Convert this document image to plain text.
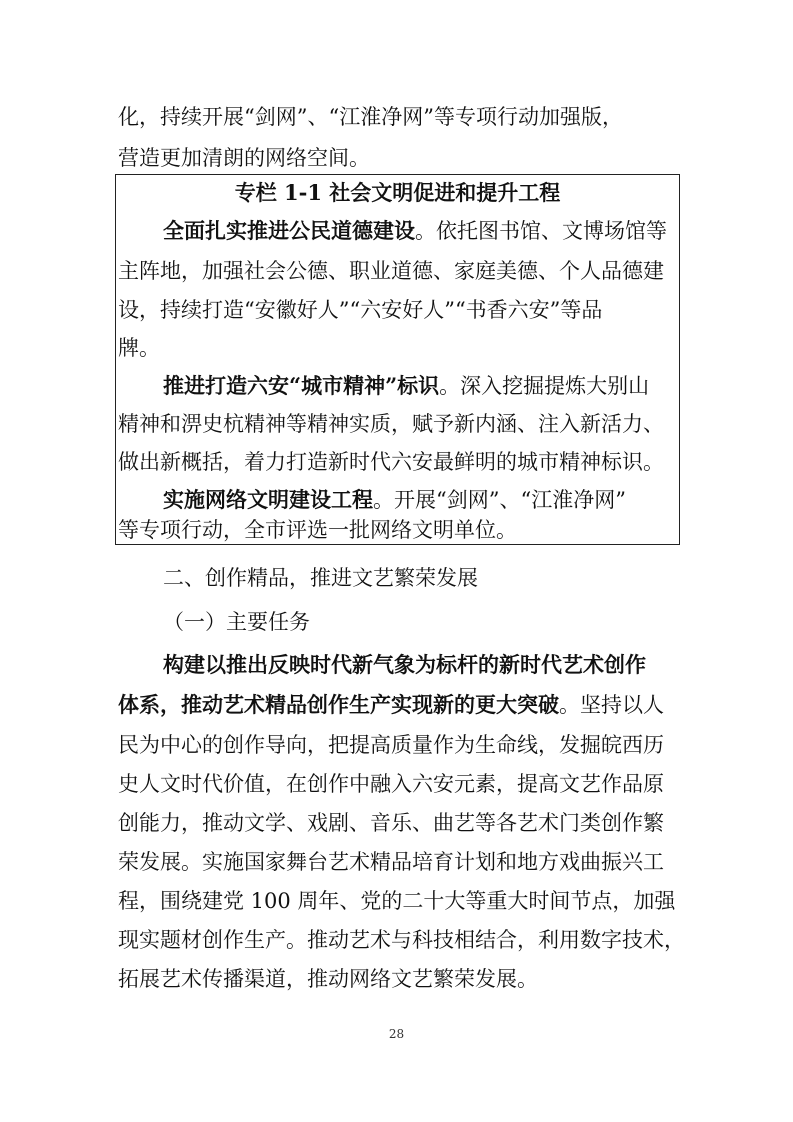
化，持续开展“剑网”、“江淮净网”等专项行动加强版，
营造更加清朗的网络空间。
专栏 1-1 社会文明促进和提升工程
全面扎实推进公民道德建设。依托图书馆、文博场馆等
主阵地，加强社会公德、职业道德、家庭美德、个人品德建
设，持续打造“安徽好人”“六安好人”“书香六安”等品
牌。
推进打造六安“城市精神”标识。深入挖掘提炼大别山
精神和淠史杭精神等精神实质，赋予新内涵、注入新活力、
做出新概括，着力打造新时代六安最鲜明的城市精神标识。
实施网络文明建设工程。开展“剑网”、“江淮净网”
等专项行动，全市评选一批网络文明单位。
二、创作精品，推进文艺繁荣发展
（一）主要任务
构建以推出反映时代新气象为标杆的新时代艺术创作
体系，推动艺术精品创作生产实现新的更大突破。坚持以人
民为中心的创作导向，把提高质量作为生命线，发掘皖西历
史人文时代价值，在创作中融入六安元素，提高文艺作品原
创能力，推动文学、戏剧、音乐、曲艺等各艺术门类创作繁
荣发展。实施国家舞台艺术精品培育计划和地方戏曲振兴工
程，围绕建党 100 周年、党的二十大等重大时间节点，加强
现实题材创作生产。推动艺术与科技相结合，利用数字技术，
拓展艺术传播渠道，推动网络文艺繁荣发展。
28
